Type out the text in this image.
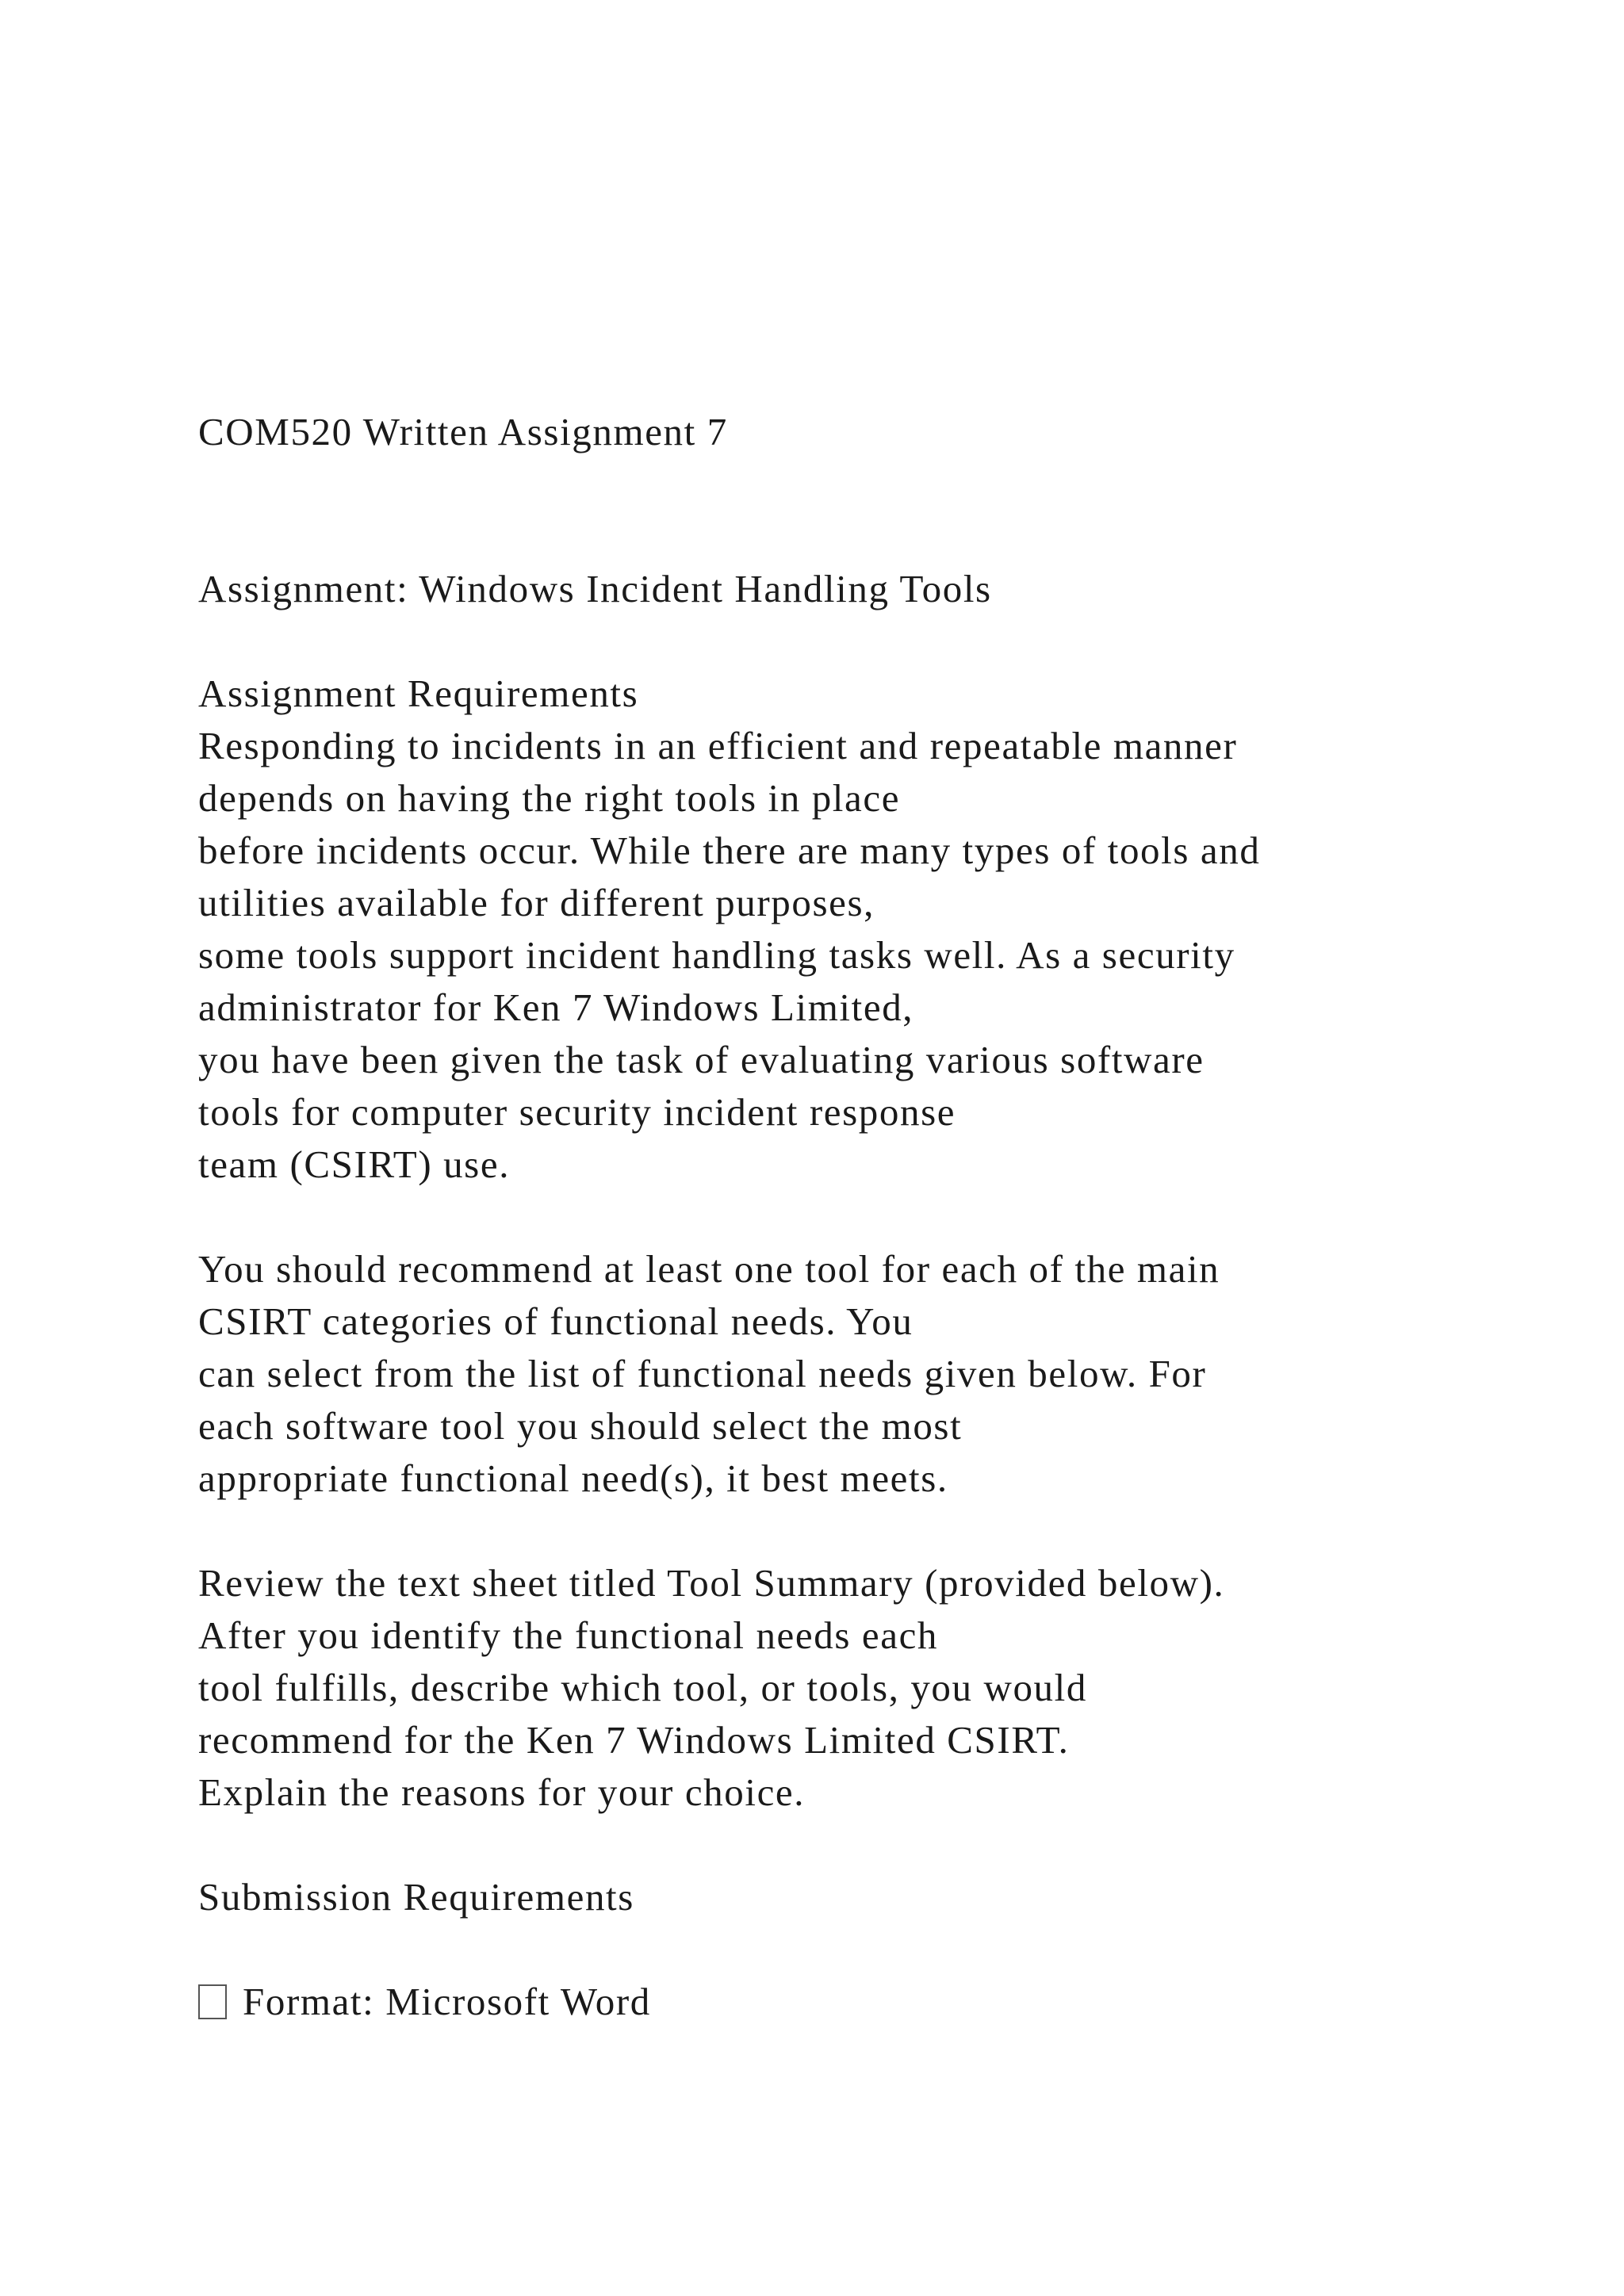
COM520 Written Assignment 7
Assignment: Windows Incident Handling Tools
Assignment Requirements
Responding to incidents in an efficient and repeatable manner
depends on having the right tools in place
before incidents occur. While there are many types of tools and
utilities available for different purposes,
some tools support incident handling tasks well. As a security
administrator for Ken 7 Windows Limited,
you have been given the task of evaluating various software
tools for computer security incident response
team (CSIRT) use.
You should recommend at least one tool for each of the main
CSIRT categories of functional needs. You
can select from the list of functional needs given below. For
each software tool you should select the most
appropriate functional need(s), it best meets.
Review the text sheet titled Tool Summary (provided below).
After you identify the functional needs each
tool fulfills, describe which tool, or tools, you would
recommend for the Ken 7 Windows Limited CSIRT.
Explain the reasons for your choice.
Submission Requirements
Format: Microsoft Word
